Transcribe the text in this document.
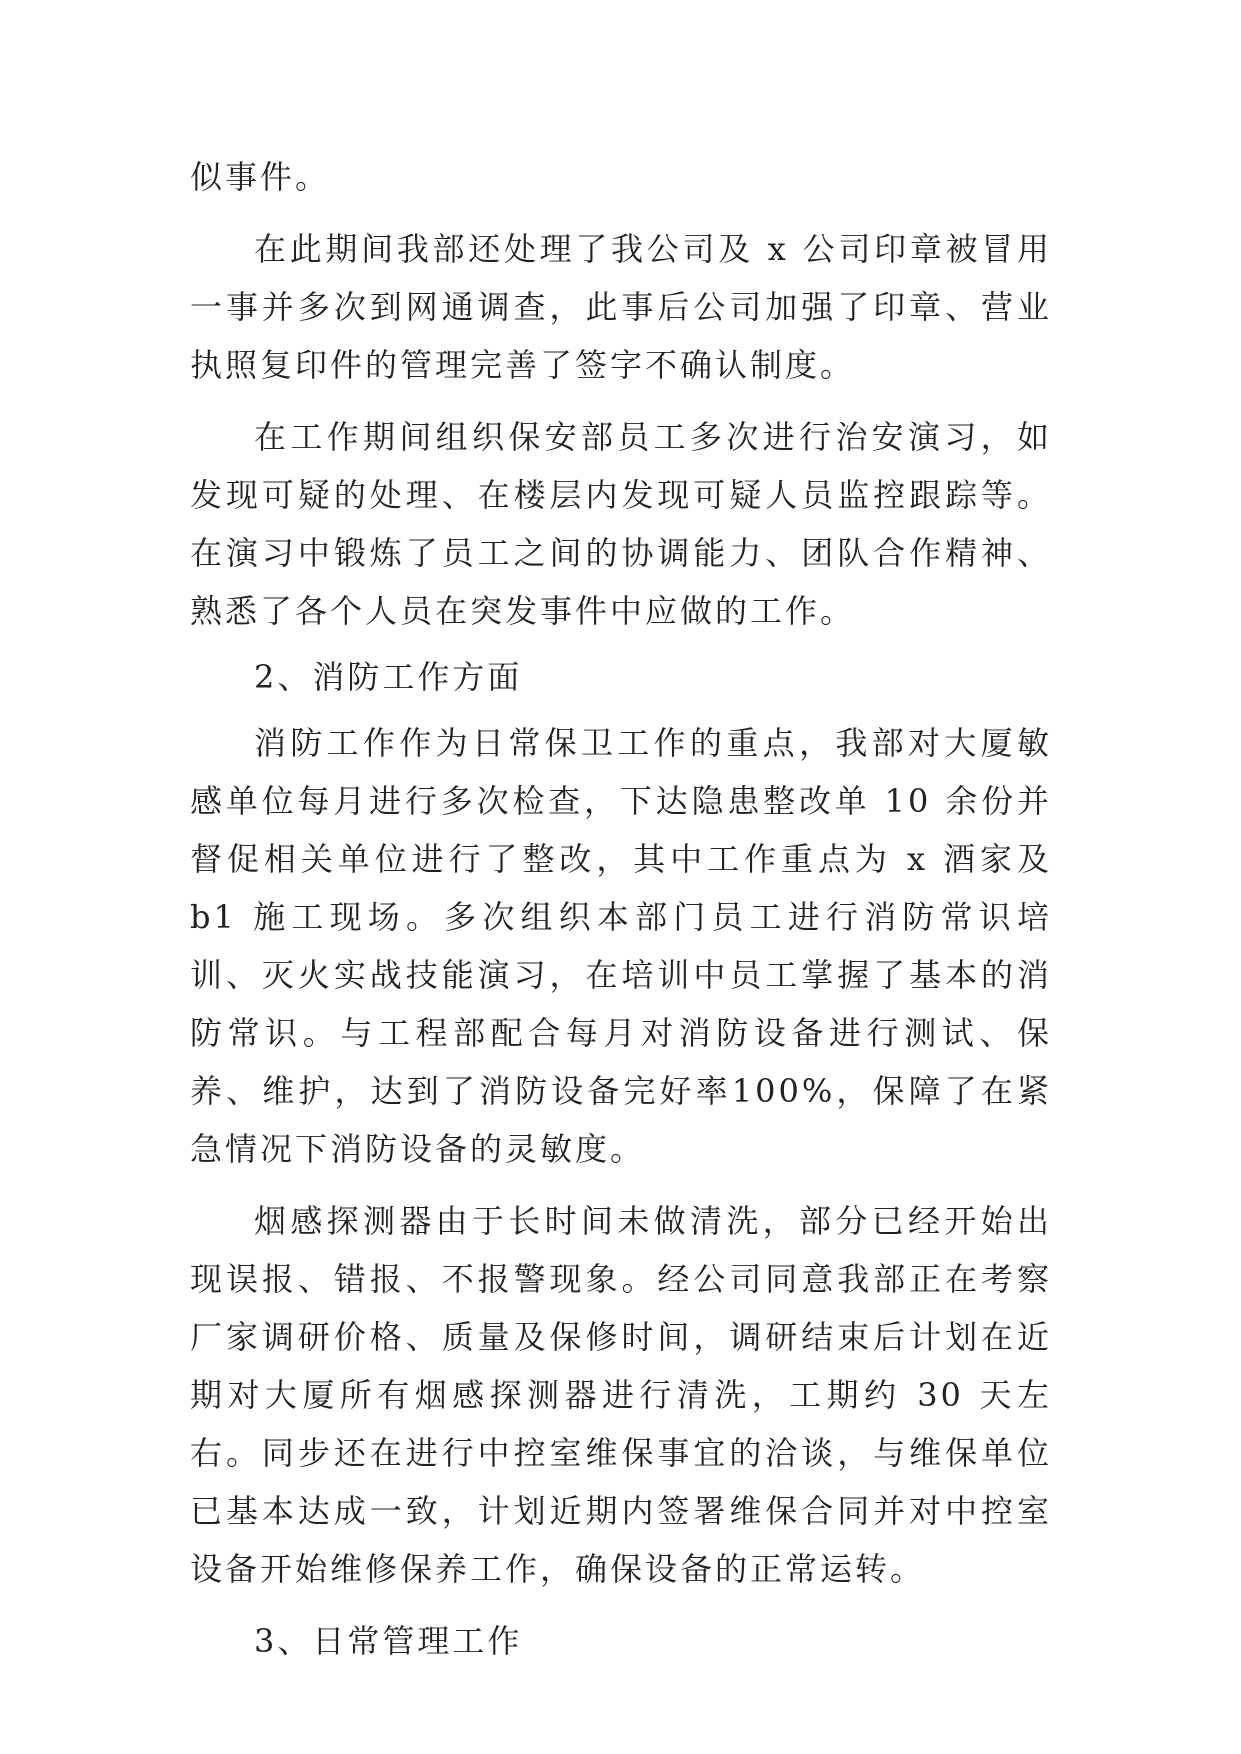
似事件。

在此期间我部还处理了我公司及 x 公司印章被冒用一事并多次到网通调查，此事后公司加强了印章、营业执照复印件的管理完善了签字不确认制度。

在工作期间组织保安部员工多次进行治安演习，如发现可疑的处理、在楼层内发现可疑人员监控跟踪等。在演习中锻炼了员工之间的协调能力、团队合作精神、熟悉了各个人员在突发事件中应做的工作。

2、消防工作方面

消防工作作为日常保卫工作的重点，我部对大厦敏感单位每月进行多次检查，下达隐患整改单 10 余份并督促相关单位进行了整改，其中工作重点为 x 酒家及 b1 施工现场。多次组织本部门员工进行消防常识培训、灭火实战技能演习，在培训中员工掌握了基本的消防常识。与工程部配合每月对消防设备进行测试、保养、维护，达到了消防设备完好率100%，保障了在紧急情况下消防设备的灵敏度。

烟感探测器由于长时间未做清洗，部分已经开始出现误报、错报、不报警现象。经公司同意我部正在考察厂家调研价格、质量及保修时间，调研结束后计划在近期对大厦所有烟感探测器进行清洗，工期约 30 天左右。同步还在进行中控室维保事宜的洽谈，与维保单位已基本达成一致，计划近期内签署维保合同并对中控室设备开始维修保养工作，确保设备的正常运转。

3、日常管理工作
